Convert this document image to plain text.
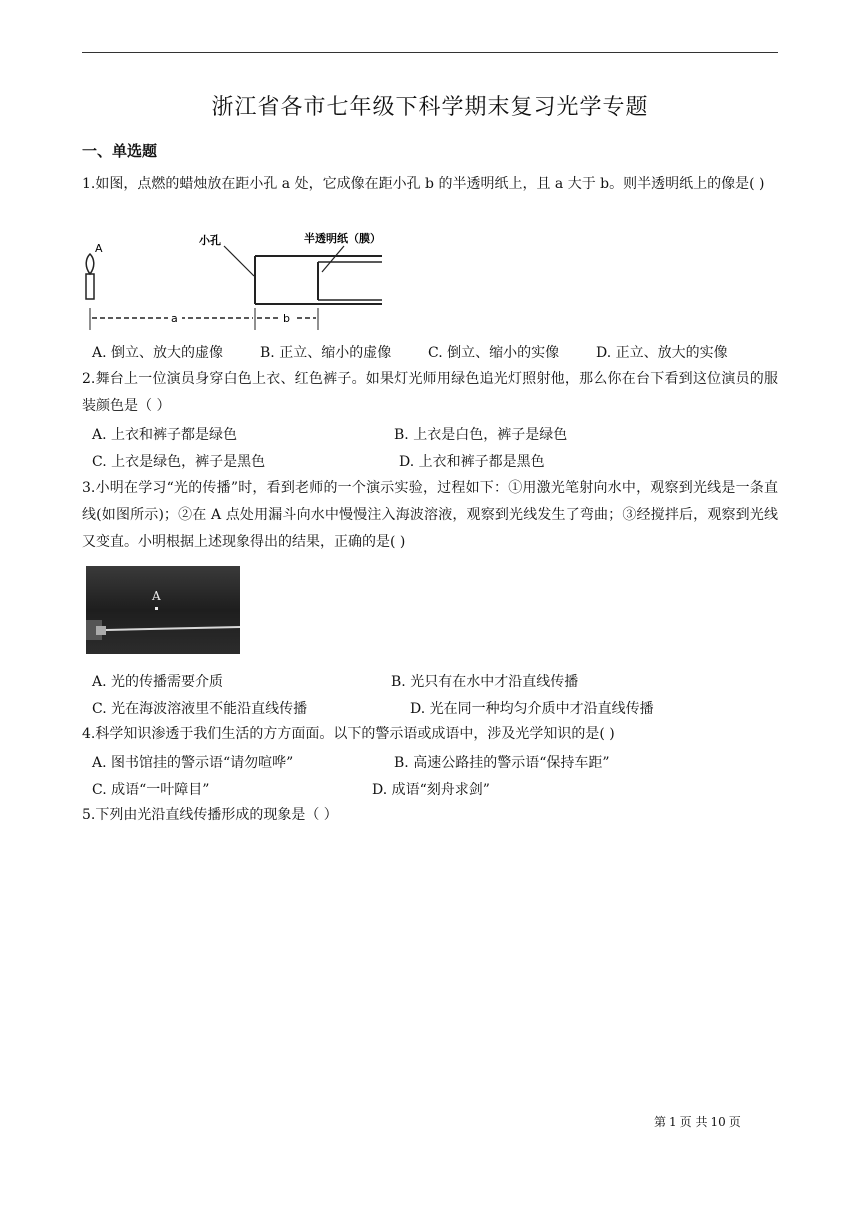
浙江省各市七年级下科学期末复习光学专题
一、单选题
1.如图，点燃的蜡烛放在距小孔 a 处，它成像在距小孔 b 的半透明纸上，且 a 大于 b。则半透明纸上的像是( )
A
小孔	半透明纸（膜）
a	b
A. 倒立、放大的虚像	B. 正立、缩小的虚像	C. 倒立、缩小的实像	D. 正立、放大的实像
2.舞台上一位演员身穿白色上衣、红色裤子。如果灯光师用绿色追光灯照射他，那么你在台下看到这位演员的服装颜色是（ ）
A. 上衣和裤子都是绿色	B. 上衣是白色，裤子是绿色
C. 上衣是绿色，裤子是黑色	D. 上衣和裤子都是黑色
3.小明在学习“光的传播”时，看到老师的一个演示实验，过程如下：①用激光笔射向水中，观察到光线是一条直线(如图所示)；②在 A 点处用漏斗向水中慢慢注入海波溶液，观察到光线发生了弯曲；③经搅拌后，观察到光线又变直。小明根据上述现象得出的结果，正确的是( )
A
A. 光的传播需要介质	B. 光只有在水中才沿直线传播
C. 光在海波溶液里不能沿直线传播	D. 光在同一种均匀介质中才沿直线传播
4.科学知识渗透于我们生活的方方面面。以下的警示语或成语中，涉及光学知识的是( )
A. 图书馆挂的警示语“请勿喧哗”	B. 高速公路挂的警示语“保持车距”
C. 成语“一叶障目”	D. 成语“刻舟求剑”
5.下列由光沿直线传播形成的现象是（ ）
第 1 页 共 10 页
